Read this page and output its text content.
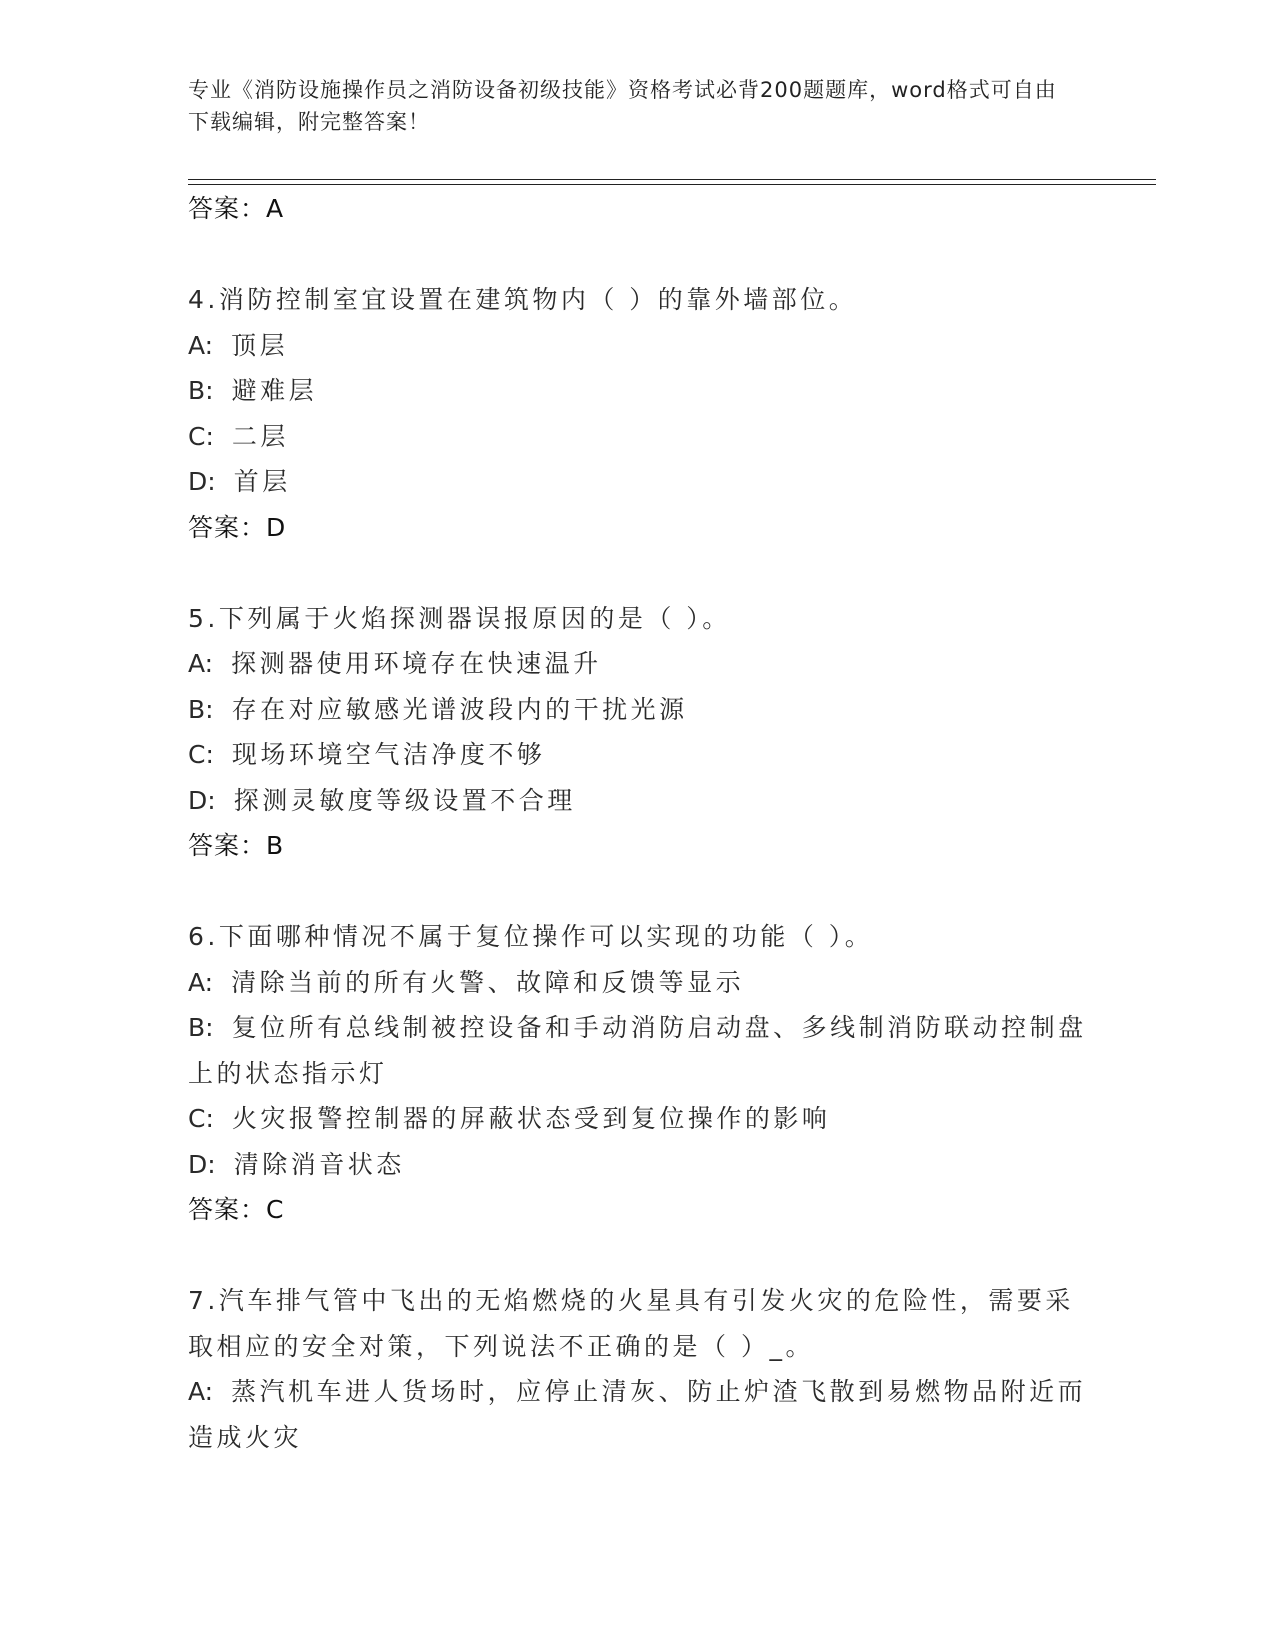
专业《消防设施操作员之消防设备初级技能》资格考试必背200题题库，word格式可自由下载编辑，附完整答案！

答案：A

4.消防控制室宜设置在建筑物内（ ）的靠外墙部位。

A: 顶层

B: 避难层

C: 二层

D: 首层

答案：D

5.下列属于火焰探测器误报原因的是（ ）。

A: 探测器使用环境存在快速温升

B: 存在对应敏感光谱波段内的干扰光源

C: 现场环境空气洁净度不够

D: 探测灵敏度等级设置不合理

答案：B

6.下面哪种情况不属于复位操作可以实现的功能（ ）。

A: 清除当前的所有火警、故障和反馈等显示

B: 复位所有总线制被控设备和手动消防启动盘、多线制消防联动控制盘上的状态指示灯

C: 火灾报警控制器的屏蔽状态受到复位操作的影响

D: 清除消音状态

答案：C

7.汽车排气管中飞出的无焰燃烧的火星具有引发火灾的危险性，需要采取相应的安全对策，下列说法不正确的是（ ）_。

A: 蒸汽机车进人货场时，应停止清灰、防止炉渣飞散到易燃物品附近而造成火灾
